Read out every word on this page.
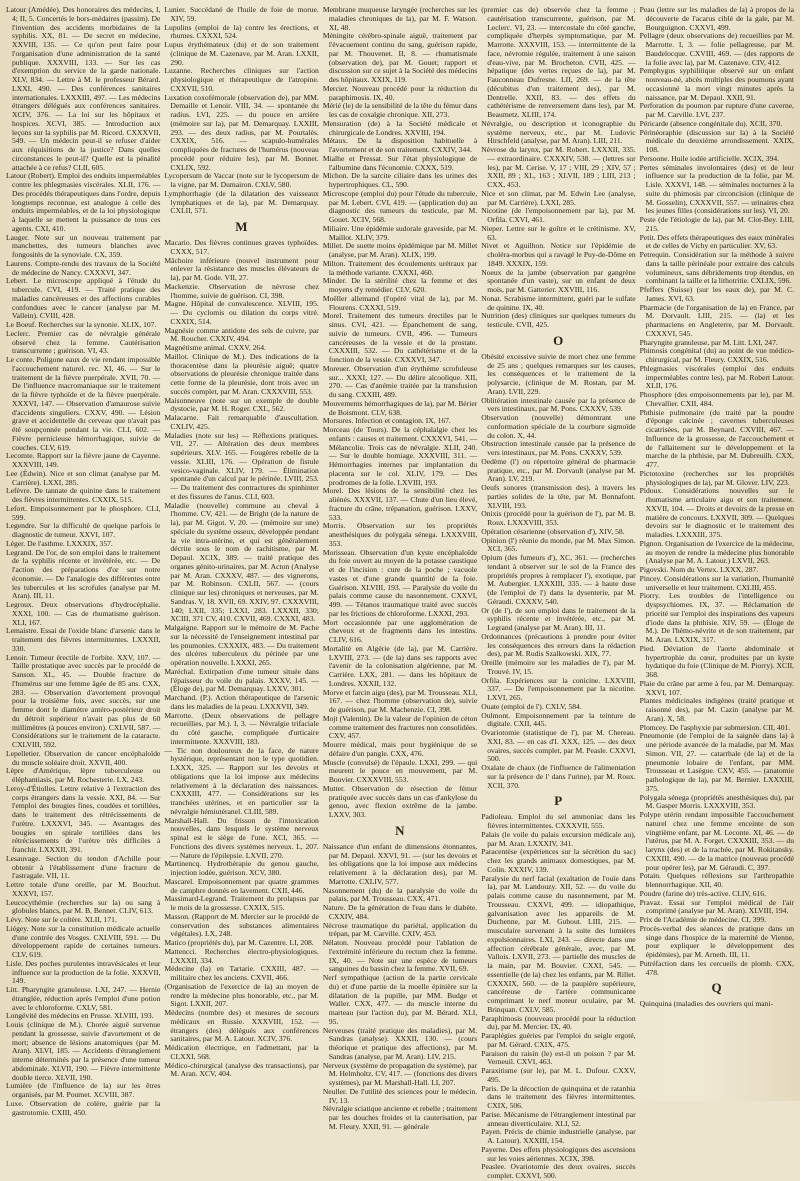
Latour (Amédée). Des honoraires des médecins, I, 4; II, 5. Concertés le hors-médaires (passim). De l'invention des accidents morbidaires de la syphilis. XX, 81. — De secret en médecine, XXVIII, 135. — Ce qu'on peut faire pour l'organisation d'une administration de la santé publique. XXXVIII, 133. — Sur les cas d'exemption du service de la garde nationale. XLV, 834. — Lettre à M. le professeur Bérard. LXXI, 490. — Des conférences sanitaires internationales. LXXXIII, 497. — Les médecins étrangers délégués aux conférences sanitaires. XCIV, 376. — La loi sur les hôpitaux et hospices. XCVI, 385. — Introduction aux leçons sur la syphilis par M. Ricord. CXXXVII, 549. — Un médecin peut-il se refuser d'aider aux réquisitions de la justice? Dans quelles circonstances le peut-il? Quelle est la pénalité attachée à ce refus? CLII, 605.

Latour (Robert). Emploi des enduits imperméables contre les phlegmasies viscérales. XLII, 176. — Des procédés thérapeutiques dans l'ordre, depuis longtemps reconnue, est analogue à celle des enduits imperméables, et de la loi physiologique à laquelle se mettent la puissance de tous ces agents. CXI, 410.

Lauger. Note sur un nouveau traitement par manchettes, des tumeurs blanches avec fongosités de la synoviale. CX, 359.

Laurens. Compte-rendu des travaux de la Société de médecine de Nancy. CXXXVI, 347.

Lebert. Le microscope appliqué à l'étude du tubercule. CVI, 419. — Traité pratique des maladies cancéreuses et des affections curables confondues avec le cancer (analyse par M. Vallein). CVIII, 428.

Le Boeuf. Recherches sur la synonie. XLIX, 107.

Leclerc. Premier cas de névralgie générale observé chez la femme. Cautérisation transcurrente ; guérison. VI, 43.

Le conte. Poligone eaux de vie rendant impossible l'accouchement naturel. rec. XI, 46. — Sur le traitement de la fièvre puerpérale. XVII, 70. — De l'influence macromaniaque sur le traitement de la fièvre typhoïde et de la fièvre puerpérale. XXXVI, 147. — Observation d'amaurose suivie d'accidents singuliers. CXXV, 490. — Lésion grave et accidentelle du cerveau que n'avait pas été soupçonnée pendant la vie. CLI, 602. — Fièvre pernicieuse hémorrhagique, suivie de couches. CLV, 619.

Lecomte. Rapport sur la fièvre jaune de Cayenne. XXXVIII, 149.

Lee (Édwin). Nice et son climat (analyse par M. Carrière). LXXI, 285.

Lefèvre. De tannate de quinine dans le traitement des fièvres intermittentes. CXXIX, 515.

Lefort. Empoisonnement par le phosphore. CLI, 599.

Legendre. Sur la difficulté de quelque parfois le diagnostic de tumeur. XXVI, 107.

Léger. De l'asthme. LXXXIX, 357.

Legrand. De l'or, de son emploi dans le traitement de la syphilis récente et invétérée, etc. — De l'action des préparations d'or sur notre économie. — De l'analogie des différentes entre les tubercules et les scrofules (analyse par M. Aran). III, 11.

Legroux. Deux observations d'hydrocéphalie. XXXI, 100. — Cas de rhumatisme guérison. XLI, 167.

Lemaistre. Essai de l'oxide blanc d'arsenic dans le traitement des fièvres intermittentes. LXXXII, 330.

Lenoir. Tumeur érectile de l'orbite. XXV, 107. — Taille prostatique avec succès par le procédé de Sanson. XL, 45. — Double fracture de l'humérus sur une femme âgée de 85 ans. CXX, 283. — Observation d'avortement provoqué pour la troisième fois, avec succès, sur une femme dont le diamètre antéro-postérieur droit du détroit supérieur n'avait pas plus de 60 millimètres (à pouces environ). CXLVII, 587. — Considérations sur le traitement de la cataracte. CXLVIII, 592.

Lepelletier. Observation de cancer encéphaloïde du muscle soléaire droit. XXVII, 400.

Lèpre d'Amérique, lèpre tuberculeuse ou éléphantiasis, par M. Rochesterie. LX, 243.

Leroy-d'Étiolles. Lettre relative à l'extraction des corps étrangers dans la vessie. XXI, 84. — Sur l'emploi des bougies fines, coudées et tortillées, dans le traitement des rétrécissements de l'urètre. LXXXVI, 345. — Avantages des bougies en spirale tortillées dans les rétrécissements de l'urètre très difficiles à franchir. LXXXII, 391.

Lesauvage. Section du tendon d'Achille pour obtenir à l'établissement d'une fracture de l'astragale. VII, 11.

Lettre totale d'une oreille, par M. Bouchut. XXXVI, 157.

Leucocythémie (recherches sur la) ou sang à globules blancs, par M. B. Bennet. CLIV, 613.

Lévy. Note sur le coltère. XLII, 171.

Liégey. Note sur la constitution médicale actuelle d'une contrée des Vosges. CXLVIII, 591. — Du développement rapide de certaines tumeurs. CLV, 619.

Lisle. Des poches purulentes intravésicales et leur influence sur la production de la folie. XXXVII, 149.

Litt. Pharyngite granuleuse. LXI, 247. — Hernie étranglée, réduction après l'emploi d'une potion avec le chloroforme. CXLV, 581.

Longévité des médecins en Prusse. XLVIII, 193.

Louis (clinique de M.). Chorée aiguë survenue pendant la grossesse, suivie d'avortement et de mort; absence de lésions anatomiques (par M. Aran). XLVI, 185. — Accidents d'étranglement interne déterminés par la présence d'une tumeur abdominale. XLVII, 190. — Fièvre intermittente double tierce. XLVII, 190.

Lumière (de l'influence de la) sur les êtres organisés, par M. Poumet. XCVIII, 387.

Luxe. Observation de colère, guérie par la gastrotomie. CXIII, 450.

Lunier. Succédané de l'huile de foie de morue. XIV, 59.

Lupulins (emploi de la) contre les érections, et rhumes. CXXXI, 524.

Lupus érythémateux (du) et de son traitement (clinique de M. Cazenave, par M. Aran. LXXII, 290.

Luzanne. Recherches cliniques sur l'action physiologique et thérapeutique de l'atropine. CXXVII, 510.

Luxation coxofémorale (observation de), par MM. Demaille et Lenoir. VIII, 34. — spontanée du radius. LVI, 225. — du pouce en arrière (mémoire sur la), par M. Demarquay. LXXIII, 293. — des deux radius, par M. Pourtalès. CXXIX, 516. — scapulo-humérales compliquées de fractures de l'humérus (nouveau procédé pour réduire les), par M. Bonnet. CXLIX, 592.

Lycopersum de Vaccar (note sur le lycopersum de la vigne, par M. Dumairon. CXLV, 580.

Lymphorrhagie (de la dilatation des vaisseaux lymphatiques et de la), par M. Demarquay. CXLII, 571.

M

Macario. Des fièvres continues graves typhoïdes. CXXX, 517.

Mâchoire inférieure (nouvel instrument pour enlever la résistance des muscles élévateurs de la), par M. Gode. VII, 27.

Mackenzie. Observation de névrose chez l'homme, suivie de guérison. CI, 398.

Magne. Hôpital de convalescence. XLVIII, 195. — Du cyclomis ou dilation du corps vitré. CXXIX, 514.

Magnésie comme antidote des sels de cuivre, par M. Roucher. CXXIV, 494.

Magnétisme animal. CXXV, 264.

Maillot. Clinique de M.). Des indications de la thoracentèse dans la pleurésie aiguë; quatre observations de pleurésie chronique traitée dans cette forme de la pleurésie, dont trois avec un succès complet, par M. Aran. CXXXVIII, 553.

Maisonneuve (note sur un exemple de double dystocie, par M. H. Roger. CXL, 562.

Malacarne. Fait remarquable d'auscultation. CXLIV, 425.

Maladies (note sur les) — Réflexions pratiques. VII, 27. — Altération des deux membres supérieurs. XLV. 165. — Fougères rebelle de la vessie. XLIII, 176. — Opération de fistule vesico-vaginale. XLIV, 179. — Élimination spontanée d'un calcul par le périnée. LVIII, 253. — Du traitement des contractures du spinhinter et des fissures de l'anus. CLI, 603.

Maladie (nouvelle) commune au cheval à l'homme. CV, 421. — de Bright (de la nature de la), par M. Gigot. V, 20. — (mémoire sur une) spéciale du système osseux, développée pendant la vie intra-utérine, et qui est généralement décrite sous le nom de rachitisme, par M. Depaul. XCIX, 389. — traité pratique des organes génito-urinaires, par M. Acton (Analyse par M. Aran. CXXXV, 487. — des vignerons, par M. Robinson. CXLII, 567. — (cours clinique sur les) chroniques et nerveuses, par M. Sandras. V, 18. XVII, 69. XXIV, 97. CXXXVIII, 140; LXII, 335; LXXI, 283. LXXXII, 330; XCIII, 371 CV, 410. CXVII, 469. CXXXI, 483.

Malgaigne. Rapport sur le mémoire de M. Pache sur la nécessité de l'enseignement intestinal par les pnumonies. CXXXIX, 483. — Du traitement des ulcères tuberculeux du périnée par une opération nouvelle. LXXXI, 265.

Maréchal. Extirpation d'une tumeur située dans l'épaisseur du voile du palais. XXXV, 145. — (Éloge de), par M. Demarquay. LXXV, 301.

Marchand. (P.). Action thérapeutique de l'arsenic dans les maladies de la peau. LXXXVII, 349.

Marrotte. (Deux observations de pellagre recueillies, par M.). I, 3. — Névralgie trifaciale du côté gauche, compliquée d'urticaire intermittente. XXXVIII, 183.

— Tic non douloureux de la face, de nature hystérique, représentant non le type quotidien. LXXX, 325. — Rapport sur les devoirs et obligations que la loi impose aux médecins relativement à la déclaration des naissances. CXXXIII, 477. — Considérations sur les tranchées utérines, et en particulier sur la névralgie hémiutéranel. CLIII, 589.

Marshall-Hall. Du frisson de l'intoxication nouvelles, dans lesquels le système nerveux spinal est le siège de l'une. XCI, 365. — Fonctions des divers systèmes nerveux. L, 207. — Nature de l'épilepsie. LXVII, 270.

Martinencq. Hydrothérapie du genou gauche, injection iodée, guérison. XCV, 380.

Mascarel. Empoisonnement par quatre grammes de camphre donnés en lavement. CXII, 446.

Massimard-Legrand. Traitement du prolapsus par le mois de la grossesse. CXXIX, 515.

Masson. (Rapport de M. Mercier sur le procédé de conservation des substances alimentaires végétales). LX, 248.

Matico (propriétés du), par M. Cazentre. LI, 208.

Mattencci. Recherches électro-physiologiques. LXXXII, 334.

Médecine (la) en Tartarie. CXXIII, 487. — militaire chez les anciens. CXVII, 466.

(Organisation de l'exercice de la) au moyen de rendre la médecine plus honorable, etc., par M. Sigot. LXXII, 207.

Médecins (nombre des) et mesures de secours médicaux en Russie. XXXVIII, 152. — étrangers (des) délégués aux conférences sanitaires, par M. A. Latour. XCIV, 376.

Médication électrique, en l'admettant, par la CLXXI, 568.

Médico-chirurgical (analyse des transactions), par M. Aran. XCV, 404.

Membrane muqueuse laryngée (recherches sur les maladies chroniques de la), par M. F. Watson. XI, 48.

Méningite cérébro-spinale aiguë, traitement par l'évacuement continu du sang, guérison rapide, par M. Thouvenet. II, 8. — rhumatismale (observation de), par M. Gouet; rapport et discussion sur ce sujet à la Société des médecins des hôpitaux. XXIX, 119.

Mercier. Nouveau procédé pour la réduction du paraphimosis. IX, 40.

Mérié (le) de la sensibilité de la tête du fémur dans les cas de coxalgie chronique. XII, 273.

Mensuration (de) à la Société médicale et chirurgicale de Londres. XXVIII, 194.

Métaux. De la disposition habituelle à l'avortement et de son traitement. CXXIV, 344.

Mialhe et Pressat. Sur l'état physiologique de l'albumine dans l'économie. CXXX, 519.

Michon. De la sarcite ciliaire dans les urines des hypertrophiques. CL, 590.

Microscope (emploi du) pour l'étude du tubercule, par M. Lebert. CVI, 419. — (application du) au diagnostic des tumeurs du testicule, par M. Gouet. XCIV, 568.

Miliaire. Une épidémie sudorale graveside, par M. Maillot. XLIV, 379.

Millet. De suette moins épidémique par M. Millet (analyse, par M. Aran). XLIX, 199.

Milton. Traitement des écoulements urétraux par la méthode variante. CXXXI, 460.

Minder. De la stérilité chez la femme et des moyens d'y remédier. CLV, 620.

Moëller allemand (l'opéré vital de la), par M. Flourens. CXXXI, 519.

Morel. Traitement des tumeurs érectiles par le sinus. CVI, 421. — Épanchement de sang, suivie de tumeurs. CVII, 496. — Tumeurs cancéreuses de la vessie et de la prostate. CXXXIII, 532. — Du cathétérisme et de la fonction de la vessie. CXXXVI, 347.

Moreuer. Observation d'un érythème scrofuleuse sur... XXXI, 127. — Du délire alcoolique. XII, 270. — Cas d'anémie traitée par la transfusion du sang. CXXIII, 489.

Mouvements hémorrhagiques de la), par M. Bérier de Boismont. CLV, 638.

Morsures. Infection et contagion. IX, 167.

Morceau (de Tours). De la céphalalgie chez les enfants : causes et traitement. CXXXVI, 541. — Mélancolie. Trois cas de névralgie. XLII, 240. — Sur le double bomiage. XXXVIII, 311. — Hémorrhagies internes par implantation du placenta sur le col. XLIV, 179. — Des prodromes de la folie. LXVIII, 193.

Morel. Des lésions de la sensibilité chez les aliénés. XXXVII, 137. — Chute d'un lieu élevé, fracture du crâne, trépanation, guérison. LXXV, 533.

Morris. Observation sur les propriétés anesthésiques du polygala sénega. LXXXVIII, 353.

Morisseau. Observation d'un kyste encéphaloïde du foie ouvert au moyen de la potasse caustique et de l'incision : cure de la poche ; vacuole vastes et d'une grande quantité de la foie. Guérison. XLVIII, 193. — Paralysie du voile du palais comme cause du nasonnement. CXXVI, 499. — Tétanos traumatique traité avec succès par les frictions de chloroforme. LXXXI, 293.

Mort occasionnée par une agglomération de cheveux et de fragments dans les intestins. CLIV, 616.

Mortalité en Algérie (de la), par M. Carrière. LXVIII, 273. — (de la) dans ses rapports avec l'avenir de la colonisation algérienne, par M. Carrière. LXX, 281. — dans les hôpitaux de Londres. XXXII, 132.

Morve et farcin aigu (des), par M. Trousseau. XLI, 167. — chez l'homme (observation de), suivie de guérison, par M. Machenzie. CI, 398.

Mojt (Valentin). De la valeur de l'opinion de céton comme traitement des fractures non consolidées. CXV, 457.

Mourre médical, mais pour hygiénique de se défaire d'un pangle. CXX, 476.

Muscle (convulsé) de l'épaule. LXXI, 299. — qui meurent le pouce en mouvement, par M. Bouvier. CXXXVIII, 553.

Mutter. Observation de résection de fémur pratiquée avec succès dans un cas d'ankylose du genou, avec flexion extrême de la jambe. LXXV, 303.

N

Naissance d'un enfant de dimensions étonnantes, par M. Depaul. XXVI, 91. — (sur les devoirs et les obligations que la loi impose aux médecins relativement à la déclaration des), par M. Marrotte. CXLIV, 577.

Nasonnement (du) de la paralysie du voile du palais, par M. Trousseau. CXX, 471.

Nature. De la génération de l'eau dans le diabète. CXXIV, 484.

Nécrose traumatique du pariétal, application du trépan, par M. Carville. CXIV, 453.

Nélaton. Nouveau procédé pour l'ablation de l'extrémité inférieure du rectum chez la femme. IX, 40. — Note sur une espèce de tumeurs sanguines du bassin chez la femme. XVII, 69.

Nerf sympathique (action de la partie cervicale du) et d'une partie de la moelle épinière sur la dilatation de la pupille, par MM. Budge et Waller. CXX, 477. — du muscle interne du marteau (sur l'action du), par M. Bérard. XLI, 95.

Nerveuses (traité pratique des maladies), par M. Sandras (analyse). XXXII, 130. — (cours théorique et pratique des affections), par M. Sandras (analyse, par M. Aran). LIV, 215.

Nerveux (système de propagation du système), par M. Helmholtz. CV, 417. — (fonctions des divers systèmes), par M. Marshall-Hall. LI, 207.

Neuller. De l'utilité des sciences pour le médecin. IV, 13.

Névralgie sciatique ancienne et rebelle ; traitement par les douches froides et la cauterisation, par M. Fleury. XXII, 91. — générale

(premier cas de) observée chez la femme ; cautérisation transcurrente, guérison, par M. Leclerc. VI, 23. — intercostale du côté gauche, compliquée d'herpès symptomatique, par M. Marrotte. XXXVIII, 153. — intermittente de la face, névromie régulée, traitement à une saison d'eau-vive, par M. Brocheton. CVII, 425. — hépatique (des vertes reçues de la), par M. Fauconneau Dufresne. LII, 269. — de la tête (décubitus d'un traitement des), par M. Dentrelle. XXII, 83. — des effets du cathétérisme de renversement dans les), par M. Beaumetz. XLIII, 174.

Névralgie, ou description et iconographie du système nerveux, etc., par M. Ludovic Hirschfeld (analyse, par M. Aran). LIII, 211.

Névrose du larynx, par M. Robert. LXXXII, 335. — extraordinaire. CXXXIV, 538. — (lettres sur les), par M. Cerise. V, 17 ; VIII, 29 ; XIV, 57 ; XXII, 89 ; XL, 163 ; XLVII, 189 ; LIII, 213 ; CXX, 453.

Nice et son climat, par M. Edwin Lee (analyse, par M. Carrière). LXXI, 285.

Nicotine (de l'empoisonnement par la), par M. Orfila. CXVI, 461.

Nieper. Lettre sur le goître et le crétinisme. XV, 63.

Nivet et Aguilhon. Notice sur l'épidémie de choléra-morbus qui a ravagé le Puy-de-Dôme en 1849. XXXIX, 159.

Noeux de la jambe (observation par gangrène spontanée d'un vaste), sur un enfant de deux mois, par M. Gatterier. XXVIII, 116.

Nonat. Scrabisme intermittent, guéri par le sulfate de quinine. IX, 40.

Nutrition (des) cliniques sur quelques tumeurs du testicule. CVII, 425.

O

Obésité excessive suivie de mort chez une femme de 25 ans ; quelques remarques sur les causes, les conséquences et le traitement de la polysarcie, (clinique de M. Rostan, par M. Aran). LVII, 229.

Oblitération intestinale causée par la présence de vers intestinaux, par M. Pons. CXXXV, 539.

Observation (nouvelle) démontrant une conformation spéciale de la courbure sigmoïde du colon. X, 44.

Obstruction intestinale causée par la présence de vers intestinaux, par M. Pons. CXXXV, 539.

Oedème (l') ou répertoire général de pharmacie pratique, etc., par M. Dorvault (analyse par M. Aran). LV, 219.

Oeufs sonores (transmission des), à travers les parties solides de la tête, par M. Bonnafont. XLVIII, 193.

Onixis (procédé pour la guérison de l'), par M. B. Roux. LXXXVIII, 353.

Opération césarienne (observation d'), XIV, 58.

Opinion (l') réunie du monde, par M. Max Simon. XCI, 365.

Opium (des fumeurs d'), XC, 361. — (recherches tendant à observer sur le sol de la France des propriétés propres à remplacer l'), exotique, par M. Aubergier. LXXXIII, 335. — à haute dose (de l'emploi de l') dans la dysenterie, par M. Géraudi. CXXXV, 540.

Or (de l'), de son emploi dans le traitement de la syphilis récente et invétérée, etc., par M. Legrand (analyse par M. Aran). III, 11.

Ordonnances (précautions à prendre pour éviter les conséquences des erreurs dans la rédaction des), par M. Rudis Szalkowski. XIX, 77.

Oreille (mémoire sur les maladies de l'), par M. Trouvé. IV, 15.

Orfila. Expériences sur la conicine. LXXVIII, 337. — De l'empoisonnement par la nicotine. LXVI, 265.

Ouate (emploi de l'). CXLV, 584.

Oulmont. Empoisonnement par la teinture de digitale. CXII, 445.

Ovariotomie (statistique de l'), par M. Chereau. XXI, 83. — en cas d'I. XXX, 125. — des deux ovaires, succès complet, par M. Peasle. CXXVI, 500.

Oxalate de chaux (de l'influence de l'alimentation sur la présence de l' dans l'urine), par M. Roux. XCII, 370.

P

Padioleau. Emploi du sel ammoniac dans les fièvres intermittentes. CXXXVII, 555.

Palais (le voile du palais excursion médicale au), par M. Aran. LXXXIV, 341.

Paracentèse (expériences sur la sécrétion du sac) chez les grands animaux domestiques, par M. Colin. XXXIV, 139.

Paralysie du nerf facial (exaltation de l'ouïe dans la), par M. Landouzy. XII, 52. — du voile du palais comme cause du nasonnement, par M. Trousseau. CXXVI, 499. — idiopathique, galvanisation avec les appareils de M. Duchenne, par M. Gubout. LIII, 215. — musculaire survenant à la suite des lumières expulsionnaires. LXI, 243. — directe dans une affection cérébrale générale, avec, par M. Vallois. LXVII, 273. — partielle des muscles de la main, par M. Bouvier. CXXI, 545. — essentielle (de la) chez les enfants, par M. Rillet. CXXXIX, 560. — de la paupière supérieure, cancéreuse de l'artère communicante comprimant le nerf moteur oculaire, par M. Brinquan. CXLV, 585.

Paraphimosis (nouveau procédé pour la réduction du), par M. Mercier. IX, 40.

Paraplégies guéries par l'emploi du seigle ergoté, par M. Gérard. CXIX, 475.

Paraison du raisin (le) est-il un poison ? par M. Verneuil. CXVI, 463.

Paraxitisme (sur le), par M. L. Dufour. CXXV, 495.

Paris. De la décoction de quinquina et de ratanhia dans le traitement des fièvres intermittentes. CXIX, 506.

Parise. Mécanisme de l'étranglement intestinal par anneau diverticulaire. XLI, 52.

Payen. Précis de chimie industrielle (analyse, par A. Latour). XXXIII, 154.

Payerne. Des effets physiologiques des ascensions sur les voies aériennes. XCIX, 398.

Peaslee. Ovariotomie des deux ovaires, succès complet. CXXVI, 500.

Peau (lettre sur les maladies de la) à propos de la découverte de l'acarus ciblé de la gale, par M. Bourguignon. CXXVI, 499.

Pellagre (deux observations de) recueillies par M. Marrotte. I, 3. — folie pellagreuse, par M. Baudelocque. CXVIII, 469. — (des rapports de la folie avec la), par M. Cazenave. CIV, 412.

Pemphygus syphilitique observé sur un enfant nouveau-né, abcès multiples des poumons ayant occasionné la mort vingt minutes après la naissance, par M. Depaul. XXII, 91.

Perforation du poumon par rupture d'une caverne, par M. Carville. LVI, 237.

Péricarde (absence congénitale du). XCII, 370.

Périnéoraphie (discussion sur la) à la Société médicale du deuxième arrondissement. XXIX, 108.

Persoone. Huile iodée artificielle. XCIX, 394.

Pertes séminales involontaires (des) et de leur influence sur la production de la folie, par M. Lisle. XXXVI, 148. — séminales nocturnes à la suite du phimosis par circoncision (clinique de M. Gosselin), CXXXVII, 557. — urinaires chez les jeunes filles (considérations sur les). VI, 20.

Peste (de l'étiologie de la), par M. Clot-Bey. LIII, 215.

Petit. Des effets thérapeutiques des eaux minérales et de celles de Vichy en particulier. XV, 63.

Petrequin. Considération sur la méthode à suivre dans la taille périnéale pour extraire des calculs volumineux, sans débridements trop étendus, en combinant la taille et la lithotritie. CXLIX, 596.

Pfeffers (Suisse) (sur les eaux de), par M. C. James. XVI, 63.

Pharmacie (de l'organisation de la) en France, par M. Dorvault. LIII, 215. — (la) et les pharmaciens en Angleterre, par M. Dorvault. CXXXVI, 545.

Pharyngite granuleuse, par M. Litt. LXI, 247.

Phimosis congénital (du) au point de vue médico-chirurgical, par M. Fleury. CXXIX, 516.

Phlegmasies viscérales (emploi des enduits imperméables contre les), par M. Robert Latour. XLII, 176.

Phosphore (des empoisonnements par le), par M. Chevallier. CXII, 484.

Phthisie pulmonaire (du traité par la poudre d'éponge calcinée ; cavernes tuberculeuses cicatrisées, par M. Beynard. CXVIII, 467. — Influence de la grossesse, de l'accouchement et de l'allaitement sur le développement et la marche de la phthisie, par M. Dubreuilh. CXX, 477.

Pictotoxine (recherches sur les propriétés physiologiques de la), par M. Glover. LIV, 223.

Pidoux. Considérations nouvelles sur le rhumatisme articulaire aigu et son traitement. XXVII, 104. — Droits et devoirs de la presse en matière de concours. LXXVII, 309. — Quelques devoirs sur le diagnostic et le traitement des maladies. LXXXIII, 375.

Pignon. Organisation de l'exercice de la médecine, au moyen de rendre la médecine plus honorable (Analyse par M. A. Latour.) LXVII, 263.

Pigovski. Nom du Vertex. LXXX, 287.

Pincey. Considérations sur la variation, l'humanité universelle et leur traitement. CXLIII, 455.

Piorry. Les troubles de l'intelligence ou dyspsychiomes. IX, 37. — Réclamation de priorité sur l'emploi des inspirations des vapeurs d'iode dans la phthisie. XIV, 59. — (Éloge de M.). De l'hémo-névrite et de son traitement, par M. Aran. LXXIX, 317.

Pied. Déviation de l'aorte abdominale et hypertrophie du cœur, produites par un kyste hydatique du foie (Clinique de M. Piorry). XCII, 368.

Plaie du crâne par arme à feu, par M. Demarquay. XXVI, 107.

Plantes médicinales indigènes (traité pratique et raisonné des), par M. Cazin (analyse par M. Aran). X, 58.

Plomcey. De l'asphyxie par submersion. CII, 401.

Pneumonie (de l'emploi de la saignée dans la) à une période avancée de la maladie, par M. Max Simon. VII, 27. — catarrhale (de la) et de la pneumonie lobaire de l'enfant, par MM. Trousseau et Lasègue. CXV, 455. — (anatomie pathologique de la), par M. Bernier. LXXXIII, 375.

Polygala sénega (propriétés anesthésiques du), par M. Gasper Morris. LXXXVIII, 353.

Polype utérin rendant impossible l'accouchement naturel chez une femme enceinte de son vingtième enfant, par M. Leconte. XI, 46. — de l'utérus, par M. A. Forget. CXXXIII, 353. — du larynx (des) et de la trachée, par M. Rokitansky. CXXIII, 490. — de la matrice (nouveau procédé pour opérer les), par M. Géraudi. C, 397.

Potain. Quelques réflexions sur l'arthropathie blennorrhagique. XII, 40.

Poudre (farine de) très-active. CLIV, 616.

Pravaz. Essai sur l'emploi médical de l'air comprimé (analyse par M. Aran). XLVIII, 194.

Prix de l'Académie de médecine. CI, 399.

Procès-verbal des séances de pratique dans un singe dans l'hospice de la maternité de Vienne, pour expliquer le développement des épidémies), par M. Arneth. III, 11.

Putréfaction dans les cercueils de plomb. CXX, 478.

Q

Quinquina (maladies des ouvriers qui mani-
